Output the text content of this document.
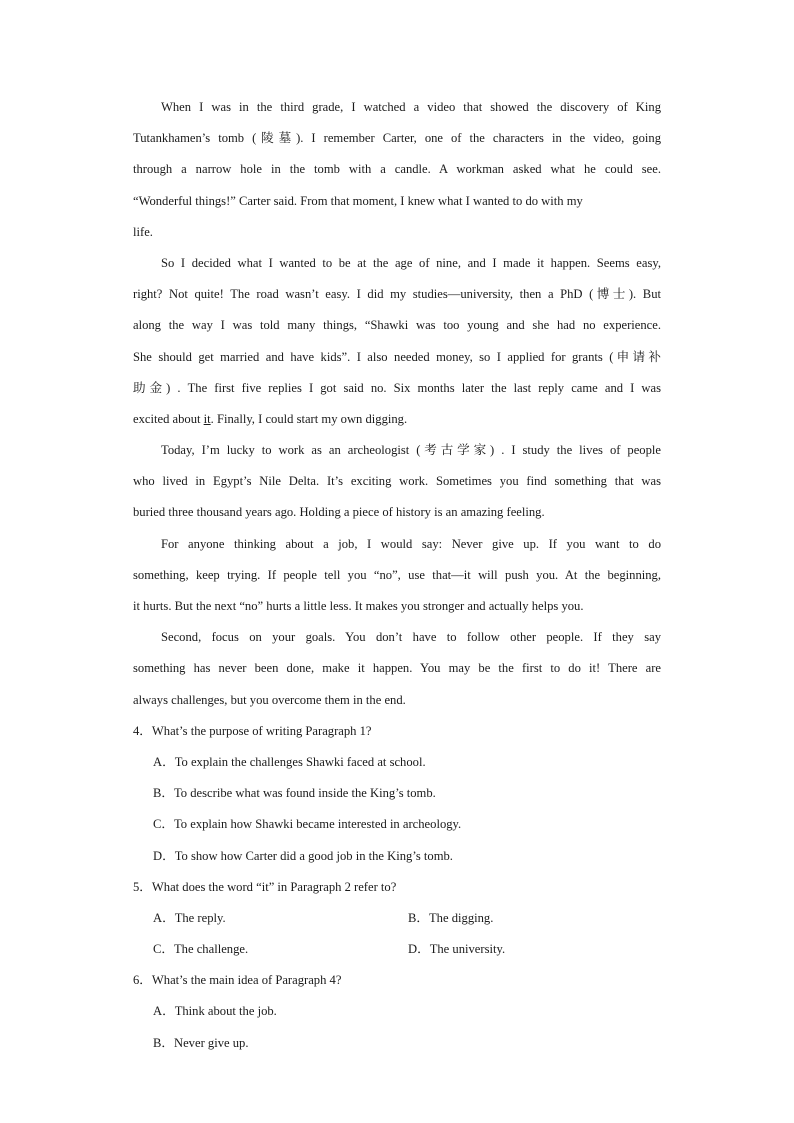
When I was in the third grade, I watched a video that showed the discovery of King
Tutankhamen’s tomb (陵墓). I remember Carter, one of the characters in the video, going
through a narrow hole in the tomb with a candle. A workman asked what he could see.
“Wonderful things!” Carter said. From that moment, I knew what I wanted to do with my
life.
So I decided what I wanted to be at the age of nine, and I made it happen. Seems easy,
right? Not quite! The road wasn’t easy. I did my studies—university, then a PhD (博士). But
along the way I was told many things, “Shawki was too young and she had no experience.
She should get married and have kids”. I also needed money, so I applied for grants (申请补
助金) . The first five replies I got said no. Six months later the last reply came and I was
excited about it. Finally, I could start my own digging.
Today, I’m lucky to work as an archeologist (考古学家) . I study the lives of people
who lived in Egypt’s Nile Delta. It’s exciting work. Sometimes you find something that was
buried three thousand years ago. Holding a piece of history is an amazing feeling.
For anyone thinking about a job, I would say: Never give up. If you want to do
something, keep trying. If people tell you “no”, use that—it will push you. At the beginning,
it hurts. But the next “no” hurts a little less. It makes you stronger and actually helps you.
Second, focus on your goals. You don’t have to follow other people. If they say
something has never been done, make it happen. You may be the first to do it! There are
always challenges, but you overcome them in the end.
4．What’s the purpose of writing Paragraph 1?
A．To explain the challenges Shawki faced at school.
B．To describe what was found inside the King’s tomb.
C．To explain how Shawki became interested in archeology.
D．To show how Carter did a good job in the King’s tomb.
5．What does the word “it” in Paragraph 2 refer to?
A．The reply.	B．The digging.
C．The challenge.	D．The university.
6．What’s the main idea of Paragraph 4?
A．Think about the job.
B．Never give up.
